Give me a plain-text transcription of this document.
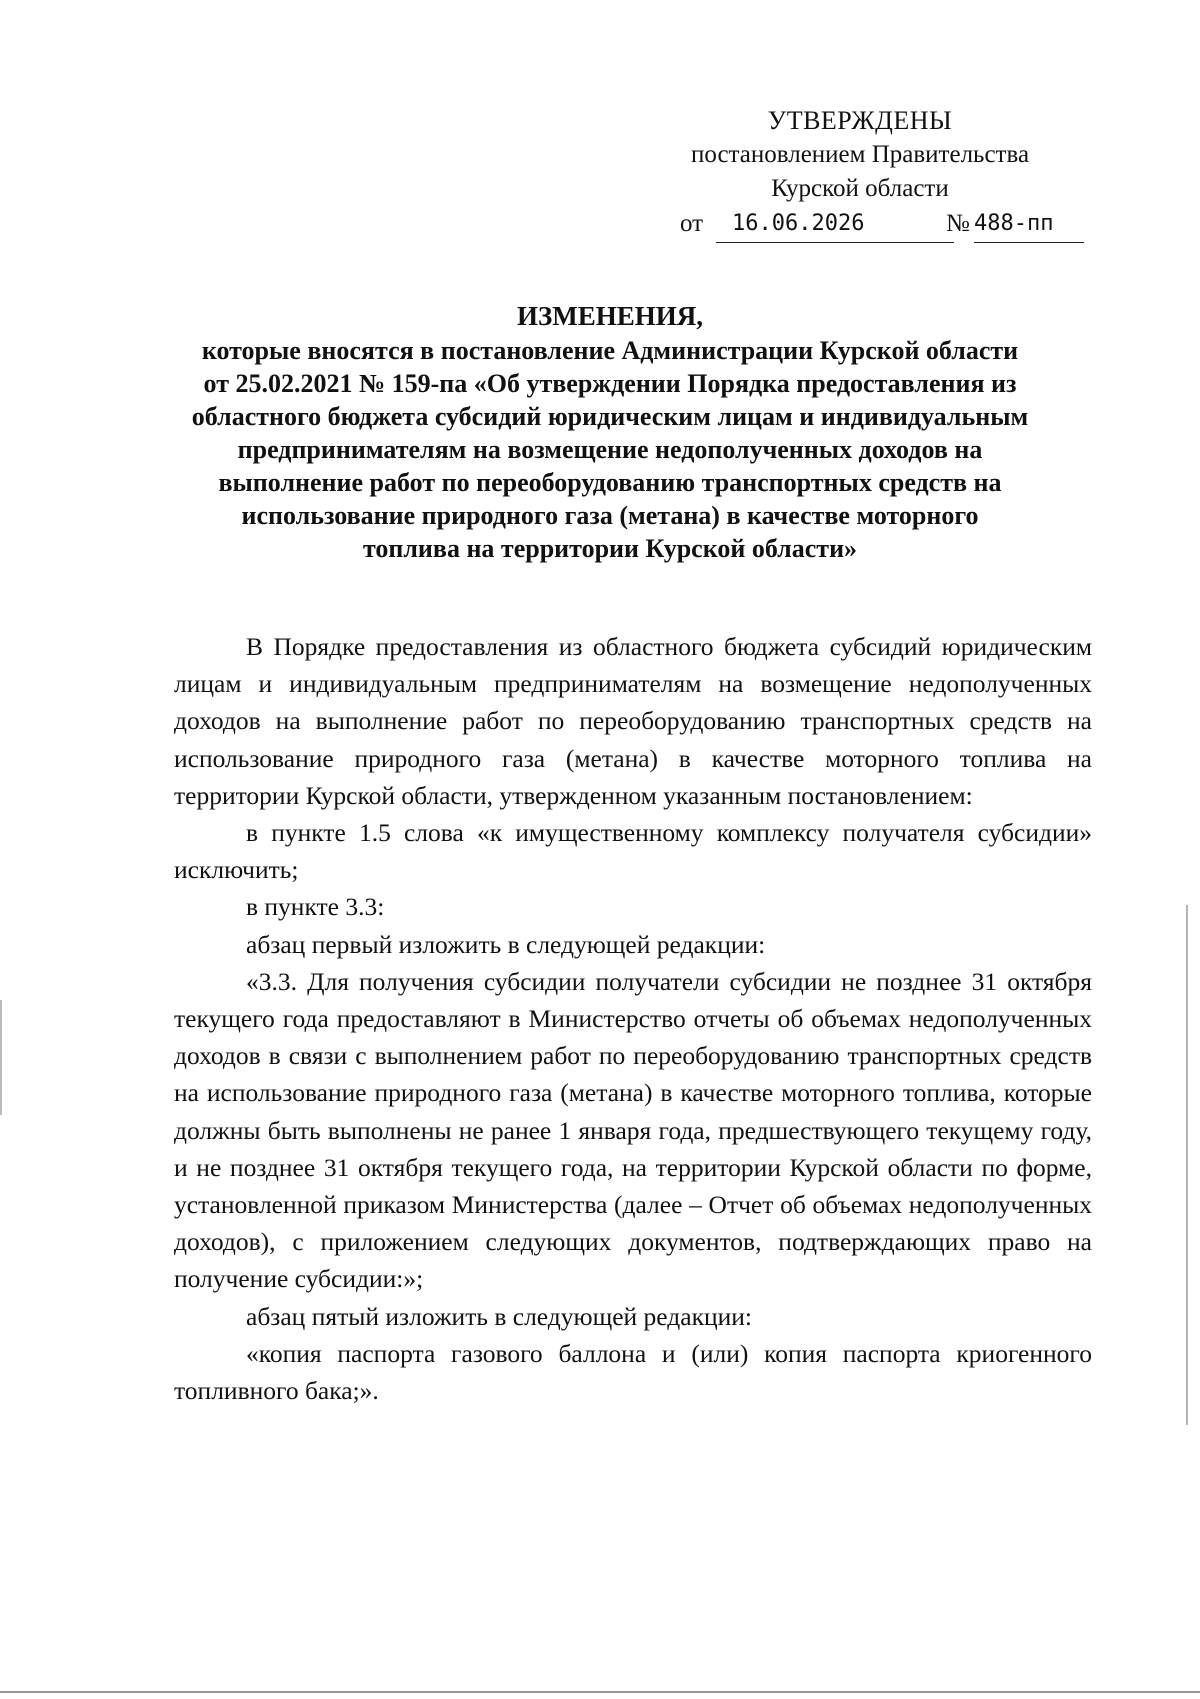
УТВЕРЖДЕНЫ
постановлением Правительства
Курской области
от	16.06.2026	№ 488-пп
ИЗМЕНЕНИЯ,
которые вносятся в постановление Администрации Курской области
от 25.02.2021 № 159-па «Об утверждении Порядка предоставления из
областного бюджета субсидий юридическим лицам и индивидуальным
предпринимателям на возмещение недополученных доходов на
выполнение работ по переоборудованию транспортных средств на
использование природного газа (метана) в качестве моторного
топлива на территории Курской области»

В Порядке предоставления из областного бюджета субсидий юридическим лицам и индивидуальным предпринимателям на возмещение недополученных доходов на выполнение работ по переоборудованию транспортных средств на использование природного газа (метана) в качестве моторного топлива на территории Курской области, утвержденном указанным постановлением:

в пункте 1.5 слова «к имущественному комплексу получателя субсидии» исключить;

в пункте 3.3:

абзац первый изложить в следующей редакции:

«3.3. Для получения субсидии получатели субсидии не позднее 31 октября текущего года предоставляют в Министерство отчеты об объемах недополученных доходов в связи с выполнением работ по переоборудованию транспортных средств на использование природного газа (метана) в качестве моторного топлива, которые должны быть выполнены не ранее 1 января года, предшествующего текущему году, и не позднее 31 октября текущего года, на территории Курской области по форме, установленной приказом Министерства (далее – Отчет об объемах недополученных доходов), с приложением следующих документов, подтверждающих право на получение субсидии:»;

абзац пятый изложить в следующей редакции:

«копия паспорта газового баллона и (или) копия паспорта криогенного топливного бака;».
